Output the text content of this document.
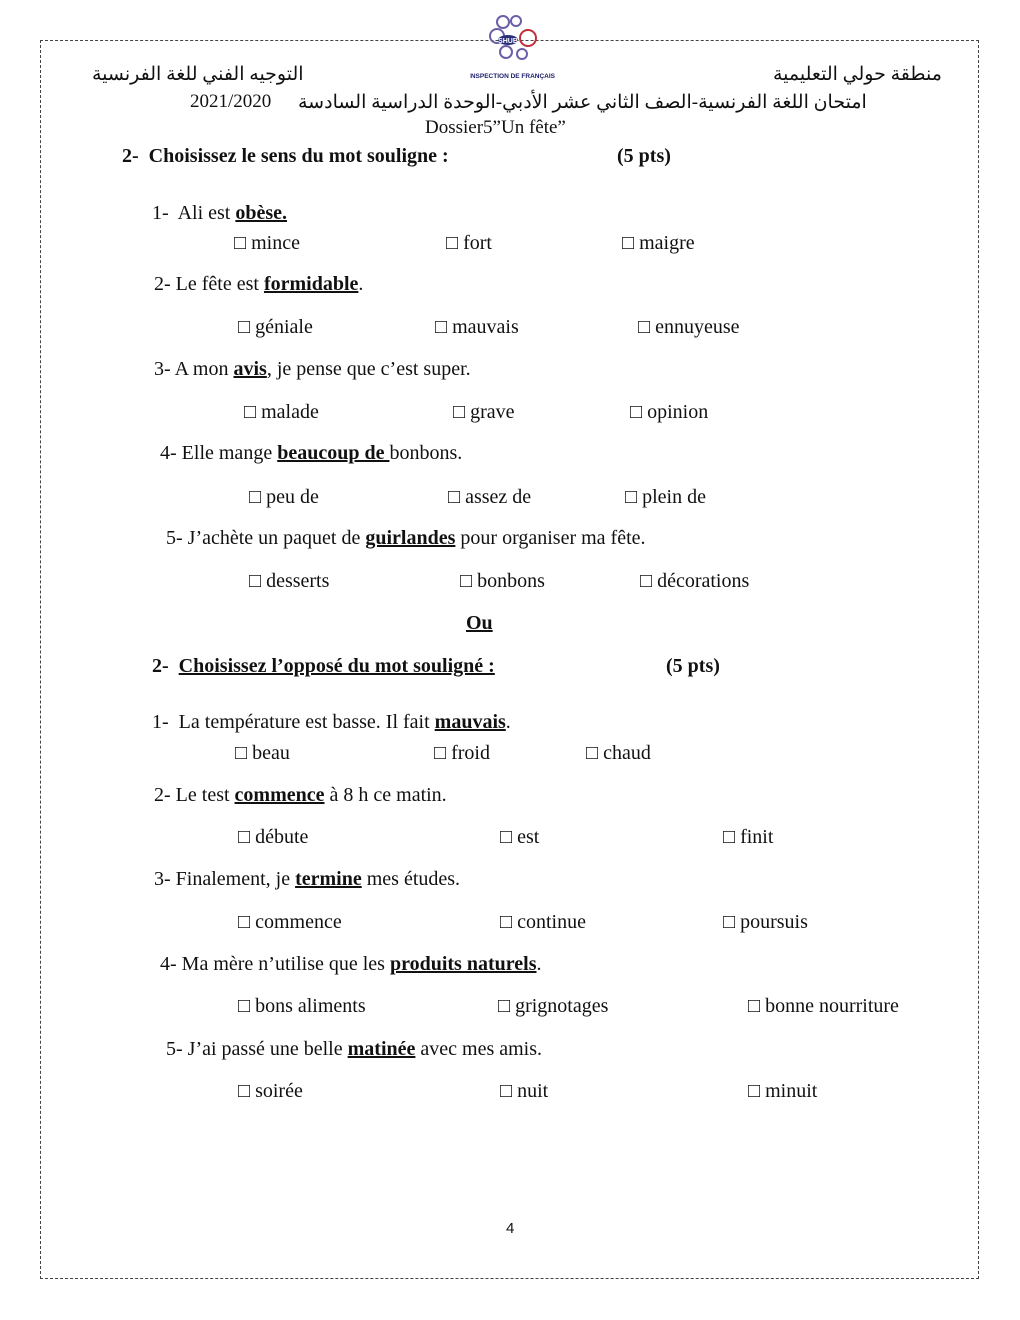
التوجيه الفني للغة الفرنسية	منطقة حولي التعليمية
SHUB
INSPECTION DE FRANÇAIS
2021/2020 امتحان اللغة الفرنسية-الصف الثاني عشر الأدبي-الوحدة الدراسية السادسة
Dossier5”Un fête”
2- Choisissez le sens du mot souligne :	(5 pts)
1- Ali est obèse.
□ mince	□ fort	□ maigre
2- Le fête est formidable.
□ géniale	□ mauvais	□ ennuyeuse
3- A mon avis, je pense que c’est super.
□ malade	□ grave	□ opinion
4- Elle mange beaucoup de bonbons.
□ peu de	□ assez de	□ plein de
5- J’achète un paquet de guirlandes pour organiser ma fête.
□ desserts	□ bonbons	□ décorations
Ou
2- Choisissez l’opposé du mot souligné :	(5 pts)
1- La température est basse. Il fait mauvais.
□ beau	□ froid	□ chaud
2- Le test commence à 8 h ce matin.
□ débute	□ est	□ finit
3- Finalement, je termine mes études.
□ commence	□ continue	□ poursuis
4- Ma mère n’utilise que les produits naturels.
□ bons aliments	□ grignotages	□ bonne nourriture
5- J’ai passé une belle matinée avec mes amis.
□ soirée	□ nuit	□ minuit
4
